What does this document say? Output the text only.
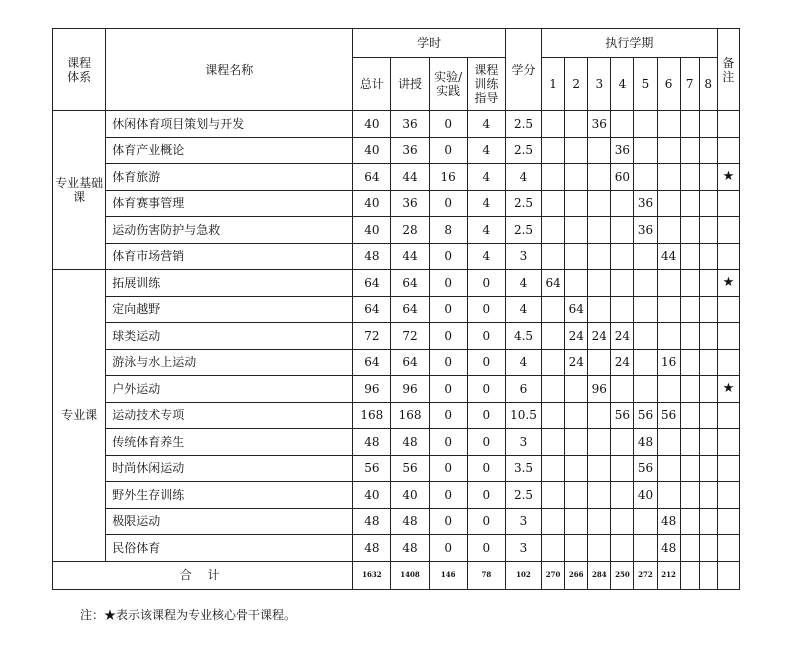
课程体系	课程名称	学时				学分	执行学期								备注
		总计	讲授	实验/实践	课程训练指导		1	2	3	4	5	6	7	8	
专业基础课	休闲体育项目策划与开发	40	36	0	4	2.5			36						
	体育产业概论	40	36	0	4	2.5				36					
	体育旅游	64	44	16	4	4				60					★
	体育赛事管理	40	36	0	4	2.5					36				
	运动伤害防护与急救	40	28	8	4	2.5					36				
	体育市场营销	48	44	0	4	3						44			
专业课	拓展训练	64	64	0	0	4	64								★
	定向越野	64	64	0	0	4		64							
	球类运动	72	72	0	0	4.5		24	24	24					
	游泳与水上运动	64	64	0	0	4		24		24		16			
	户外运动	96	96	0	0	6			96						★
	运动技术专项	168	168	0	0	10.5				56	56	56			
	传统体育养生	48	48	0	0	3					48				
	时尚休闲运动	56	56	0	0	3.5					56				
	野外生存训练	40	40	0	0	2.5					40				
	极限运动	48	48	0	0	3						48			
	民俗体育	48	48	0	0	3						48			
合 计		1632	1408	146	78	102	270	266	284	250	272	212			
注：★表示该课程为专业核心骨干课程。
